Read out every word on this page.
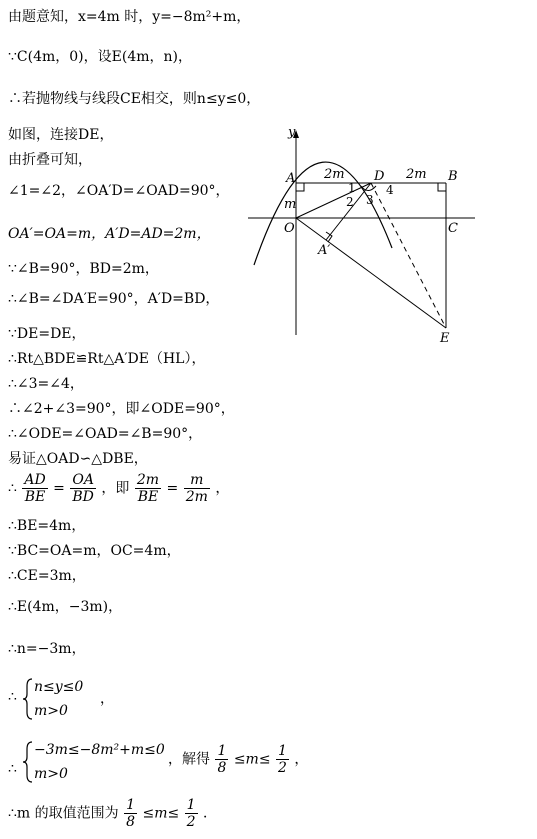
由题意知，x=4m 时，y=−8m²+m，
∵C(4m，0)，设E(4m，n)，
∴若抛物线与线段CE相交，则n≤y≤0，
如图，连接DE，
由折叠可知，
∠1=∠2，∠OA′D=∠OAD=90°，
OA′=OA=m，A′D=AD=2m，
∵∠B=90°，BD=2m，
∴∠B=∠DA′E=90°，A′D=BD，
∵DE=DE，
∴Rt△BDE≌Rt△A′DE（HL），
∴∠3=∠4，
∴∠2+∠3=90°，即∠ODE=90°，
∴∠ODE=∠OAD=∠B=90°，
易证△OAD∽△DBE，
∴ $\frac{AD}{BE} = \frac{OA}{BD}$ ，即 $\frac{2m}{BE} = \frac{m}{2m}$ ，
∴BE=4m，
∵BC=OA=m，OC=4m，
∴CE=3m，
∴E(4m，−3m)，
∴n=−3m，
∴
n≤y≤0
m>0
，
∴
−3m≤−8m²+m≤0
m>0
，解得 $\frac{1}{8} \le m\le \frac{1}{2}$ ，
∴m 的取值范围为 $\frac{1}{8} \le m\le \frac{1}{2}$ ．
y
A	D	B
O	C
A′
E
m
2m	2m
1
2 3
4
